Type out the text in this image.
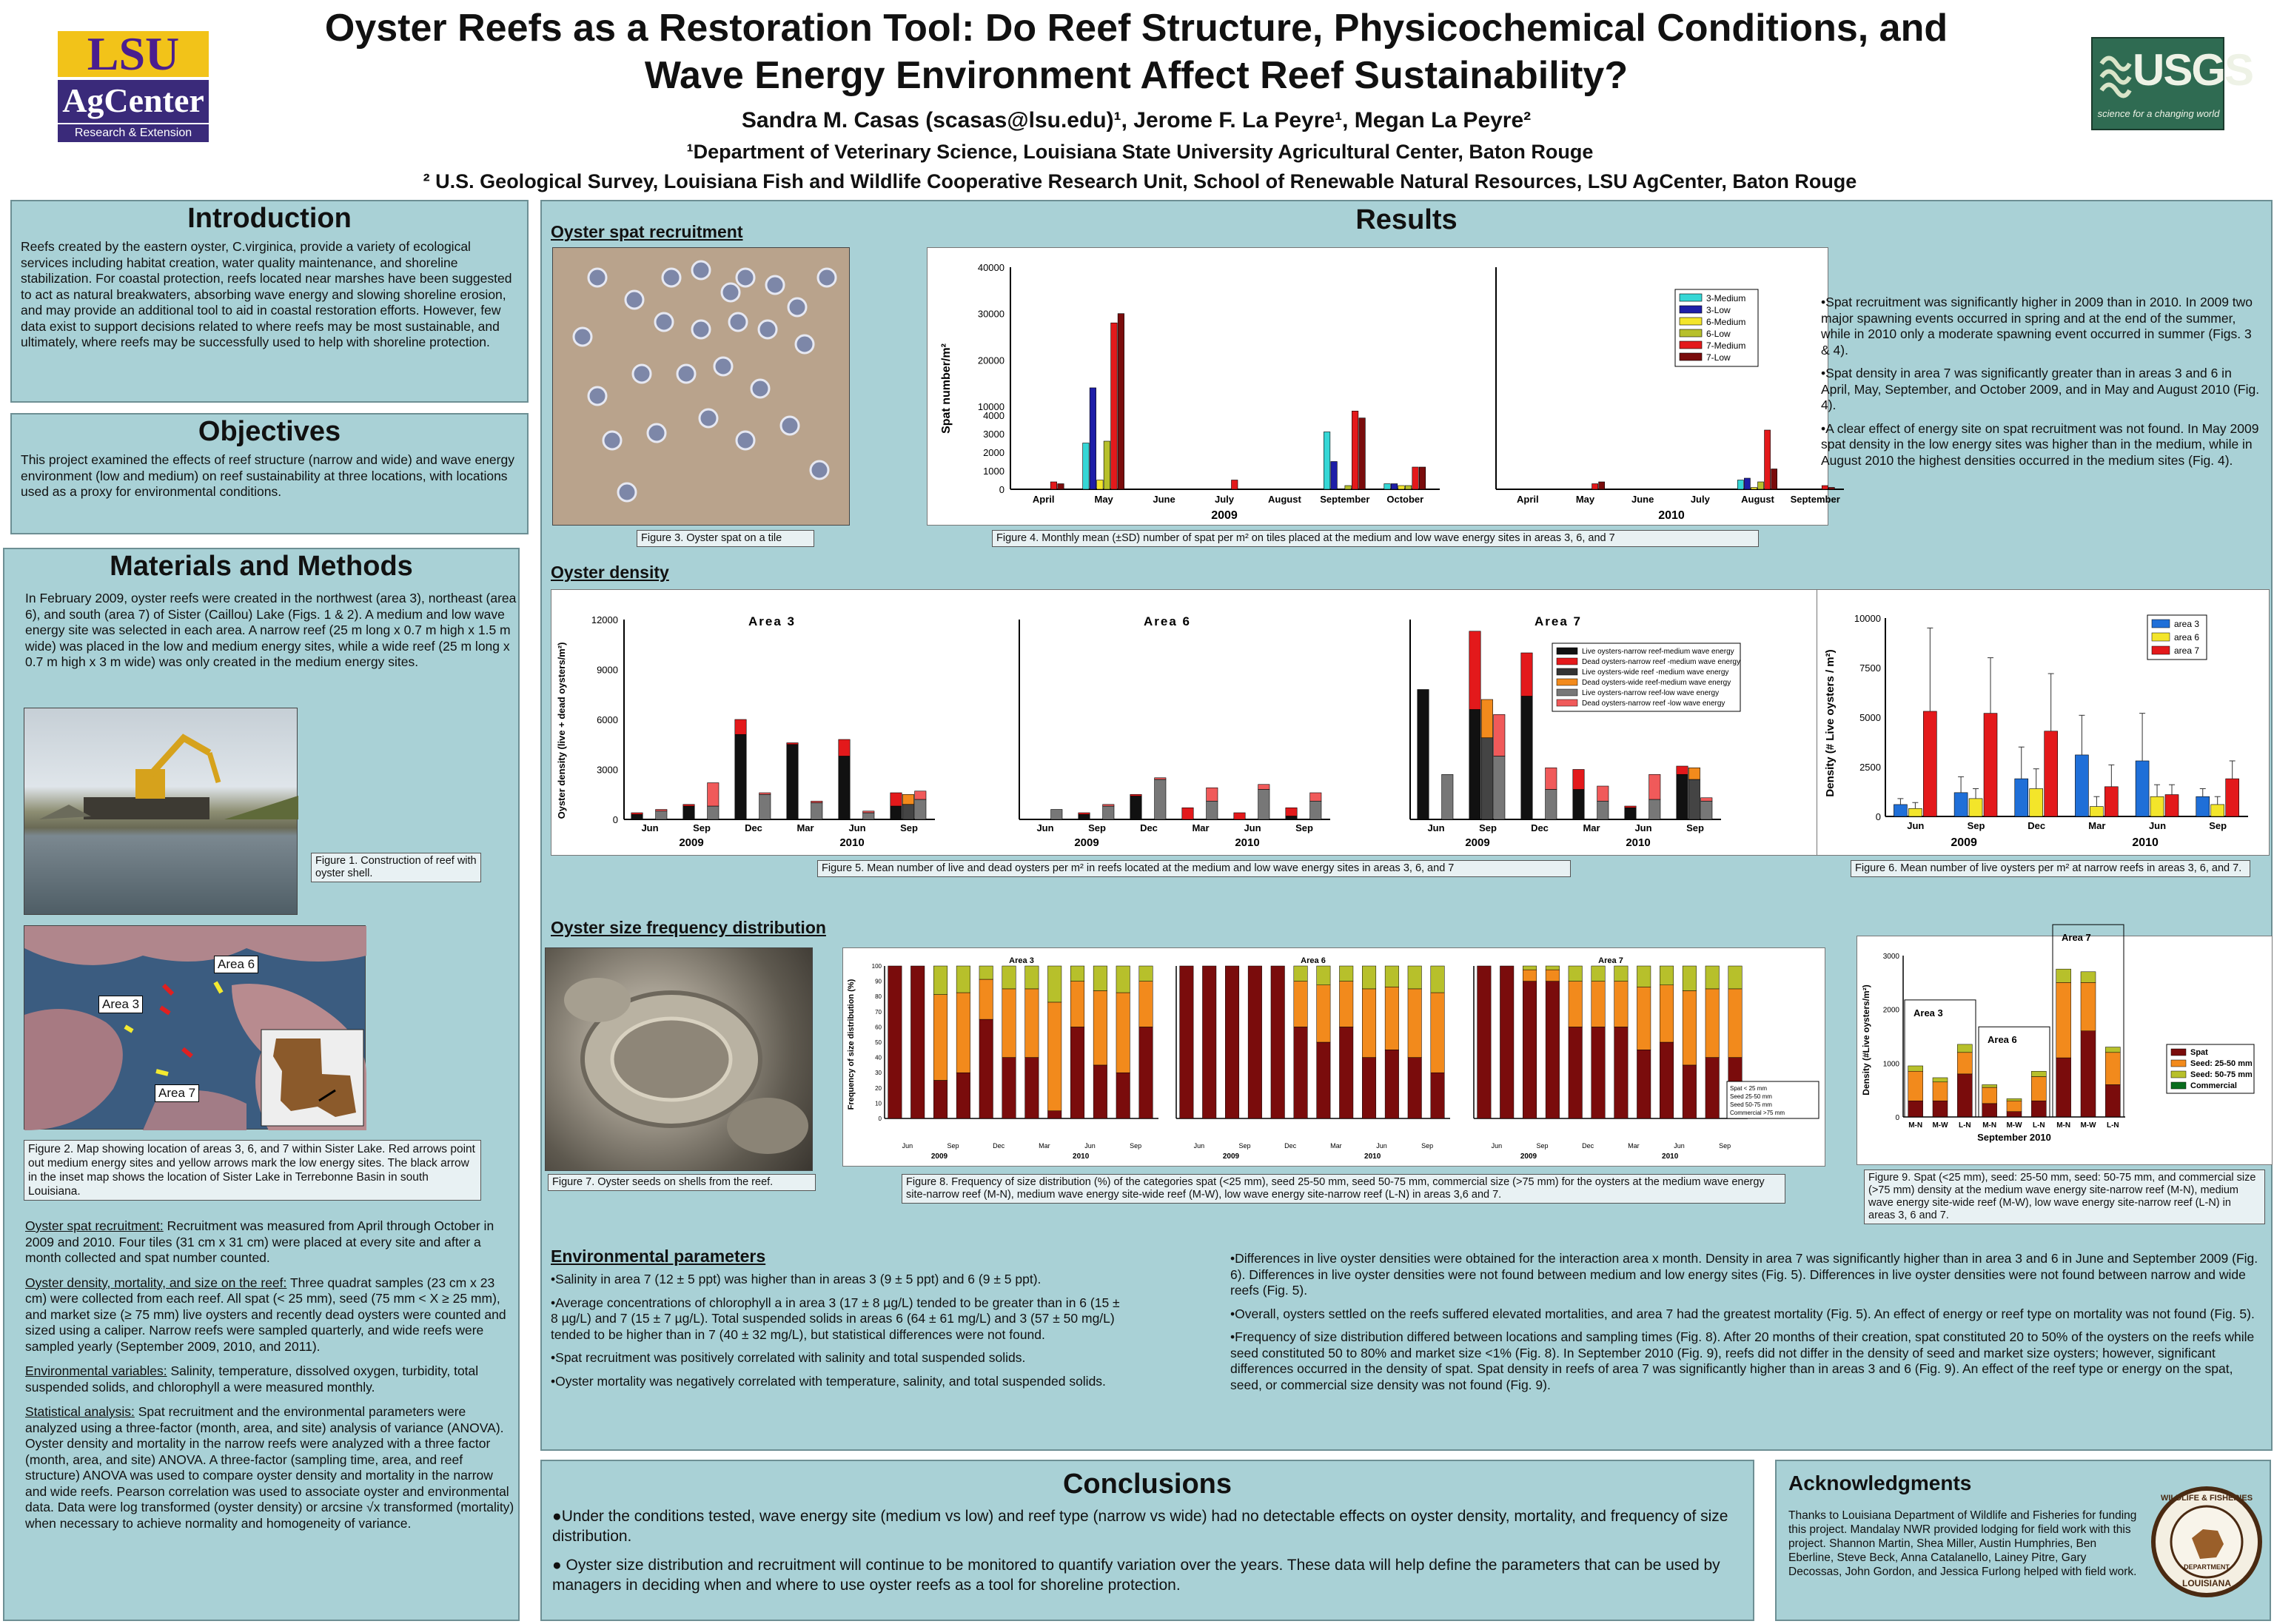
LSU
AgCenter
Research & Extension
Oyster Reefs as a Restoration Tool: Do Reef Structure, Physicochemical Conditions, and
Wave Energy Environment Affect Reef Sustainability?
Sandra M. Casas (scasas@lsu.edu)¹, Jerome F. La Peyre¹, Megan La Peyre²
¹Department of Veterinary Science, Louisiana State University Agricultural Center, Baton Rouge
² U.S. Geological Survey, Louisiana Fish and Wildlife Cooperative Research Unit, School of Renewable Natural Resources, LSU AgCenter, Baton Rouge
USGS
science for a changing world
Introduction
Reefs created by the eastern oyster, C.virginica, provide a variety of ecological services including habitat creation, water quality maintenance, and shoreline stabilization. For coastal protection, reefs located near marshes have been suggested to act as natural breakwaters, absorbing wave energy and slowing shoreline erosion, and may provide an additional tool to aid in coastal restoration efforts. However, few data exist to support decisions related to where reefs may be most sustainable, and ultimately, where reefs may be successfully used to help with shoreline protection.
Objectives
This project examined the effects of reef structure (narrow and wide) and wave energy environment (low and medium) on reef sustainability at three locations, with locations used as a proxy for environmental conditions.
Materials and Methods
In February 2009, oyster reefs were created in the northwest (area 3), northeast (area 6), and south (area 7) of Sister (Caillou) Lake (Figs. 1 & 2). A medium and low wave energy site was selected in each area. A narrow reef (25 m long x 0.7 m high x 1.5 m wide) was placed in the low and medium energy sites, while a wide reef (25 m long x 0.7 m high x 3 m wide) was only created in the medium energy sites.
Figure 1. Construction of reef with oyster shell.
Area 6
Area 3
Area 7
Figure 2. Map showing location of areas 3, 6, and 7 within Sister Lake. Red arrows point out medium energy sites and yellow arrows mark the low energy sites. The black arrow in the inset map shows the location of Sister Lake in Terrebonne Basin in south Louisiana.

Oyster spat recruitment: Recruitment was measured from April through October in 2009 and 2010. Four tiles (31 cm x 31 cm) were placed at every site and after a month collected and spat number counted.

Oyster density, mortality, and size on the reef: Three quadrat samples (23 cm x 23 cm) were collected from each reef. All spat (< 25 mm), seed (75 mm < X ≥ 25 mm), and market size (≥ 75 mm) live oysters and recently dead oysters were counted and sized using a caliper. Narrow reefs were sampled quarterly, and wide reefs were sampled yearly (September 2009, 2010, and 2011).

Environmental variables: Salinity, temperature, dissolved oxygen, turbidity, total suspended solids, and chlorophyll a were measured monthly.

Statistical analysis: Spat recruitment and the environmental parameters were analyzed using a three-factor (month, area, and site) analysis of variance (ANOVA). Oyster density and mortality in the narrow reefs were analyzed with a three factor (month, area, and site) ANOVA. A three-factor (sampling time, area, and reef structure) ANOVA was used to compare oyster density and mortality in the narrow and wide reefs. Pearson correlation was used to associate oyster and environmental data. Data were log transformed (oyster density) or arcsine √x transformed (mortality) when necessary to achieve normality and homogeneity of variance.

Results
Oyster spat recruitment
Figure 3. Oyster spat on a tile
Spat number/m²
0
1000
2000
3000
4000
10000
20000
30000
40000
April	May	June	July	August September October
2009
April	May	June	July	August September
2010
3-Medium
3-Low
6-Medium
6-Low
7-Medium
7-Low
Figure 4. Monthly mean (±SD) number of spat per m² on tiles placed at the medium and low wave energy sites in areas 3, 6, and 7

•Spat recruitment was significantly higher in 2009 than in 2010. In 2009 two major spawning events occurred in spring and at the end of the summer, while in 2010 only a moderate spawning event occurred in summer (Figs. 3 & 4).

•Spat density in area 7 was significantly greater than in areas 3 and 6 in April, May, September, and October 2009, and in May and August 2010 (Fig. 4).

•A clear effect of energy site on spat recruitment was not found. In May 2009 spat density in the low energy sites was higher than in the medium, while in August 2010 the highest densities occurred in the medium sites (Fig. 4).

Oyster density
Oyster density (live + dead oysters/m²)
0
3000
6000
9000
12000	Area 3
Jun	Sep	Dec	Mar	Jun	Sep
2009	2010
Area 6
Jun	Sep	Dec	Mar	Jun	Sep
2009	2010
Area 7
Jun	Sep	Dec	Mar	Jun	Sep
2009	2010
Live oysters-narrow reef-medium wave energy
Dead oysters-narrow reef -medium wave energy
Live oysters-wide reef -medium wave energy
Dead oysters-wide reef-medium wave energy
Live oysters-narrow reef-low wave energy
Dead oysters-narrow reef -low wave energy
Figure 5. Mean number of live and dead oysters per m² in reefs located at the medium and low wave energy sites in areas 3, 6, and 7
Density (# Live oysters / m²)
0
2500
5000
7500
10000
Jun	Sep	Dec	Mar	Jun	Sep
2009	2010
area 3
area 6
area 7
Figure 6. Mean number of live oysters per m² at narrow reefs in areas 3, 6, and 7.
Oyster size frequency distribution
Figure 7. Oyster seeds on shells from the reef.
Frequency of size distribution (%)
0
10
20
30
40
50
60
70
80
90
100
Area 3
Jun	Sep	Dec	Mar	Jun	Sep
2009	2010
Area 6
Jun	Sep	Dec	Mar	Jun	Sep
2009	2010
Area 7
Jun	Sep	Dec	Mar	Jun	Sep
2009	2010
Spat < 25 mm
Seed 25-50 mm
Seed 50-75 mm
Commercial >75 mm
Figure 8. Frequency of size distribution (%) of the categories spat (<25 mm), seed 25-50 mm, seed 50-75 mm, commercial size (>75 mm) for the oysters at the medium wave energy site-narrow reef (M-N), medium wave energy site-wide reef (M-W), low wave energy site-narrow reef (L-N) in areas 3,6 and 7.
Density (#Live oysters/m²)
0
1000
2000
3000
M-N M-W L-N M-N M-W L-N M-N M-W L-N
Area 3
Area 6
Area 7
September 2010
Spat
Seed: 25-50 mm
Seed: 50-75 mm
Commercial
Figure 9. Spat (<25 mm), seed: 25-50 mm, seed: 50-75 mm, and commercial size (>75 mm) density at the medium wave energy site-narrow reef (M-N), medium wave energy site-wide reef (M-W), low wave energy site-narrow reef (L-N) in areas 3, 6 and 7.
Environmental parameters

•Salinity in area 7 (12 ± 5 ppt) was higher than in areas 3 (9 ± 5 ppt) and 6 (9 ± 5 ppt).

•Average concentrations of chlorophyll a in area 3 (17 ± 8 µg/L) tended to be greater than in 6 (15 ± 8 µg/L) and 7 (15 ± 7 µg/L). Total suspended solids in areas 6 (64 ± 61 mg/L) and 3 (57 ± 50 mg/L) tended to be higher than in 7 (40 ± 32 mg/L), but statistical differences were not found.

•Spat recruitment was positively correlated with salinity and total suspended solids.

•Oyster mortality was negatively correlated with temperature, salinity, and total suspended solids.

•Differences in live oyster densities were obtained for the interaction area x month. Density in area 7 was significantly higher than in area 3 and 6 in June and September 2009 (Fig. 6). Differences in live oyster densities were not found between medium and low energy sites (Fig. 5). Differences in live oyster densities were not found between narrow and wide reefs (Fig. 5).

•Overall, oysters settled on the reefs suffered elevated mortalities, and area 7 had the greatest mortality (Fig. 5). An effect of energy or reef type on mortality was not found (Fig. 5).

•Frequency of size distribution differed between locations and sampling times (Fig. 8). After 20 months of their creation, spat constituted 20 to 50% of the oysters on the reefs while seed constituted 50 to 80% and market size <1% (Fig. 8). In September 2010 (Fig. 9), reefs did not differ in the density of seed and market size oysters; however, significant differences occurred in the density of spat. Spat density in reefs of area 7 was significantly higher than in areas 3 and 6 (Fig. 9). An effect of the reef type or energy on the spat, seed, or commercial size density was not found (Fig. 9).

Conclusions

●Under the conditions tested, wave energy site (medium vs low) and reef type (narrow vs wide) had no detectable effects on oyster density, mortality, and frequency of size distribution.

● Oyster size distribution and recruitment will continue to be monitored to quantify variation over the years. These data will help define the parameters that can be used by managers in deciding when and where to use oyster reefs as a tool for shoreline protection.

Acknowledgments
Thanks to Louisiana Department of Wildlife and Fisheries for funding this project. Mandalay NWR provided lodging for field work with this project. Shannon Martin, Shea Miller, Austin Humphries, Ben Eberline, Steve Beck, Anna Catalanello, Lainey Pitre, Gary Decossas, John Gordon, and Jessica Furlong helped with field work.
WILDLIFE & FISHERIES
DEPARTMENT
LOUISIANA
